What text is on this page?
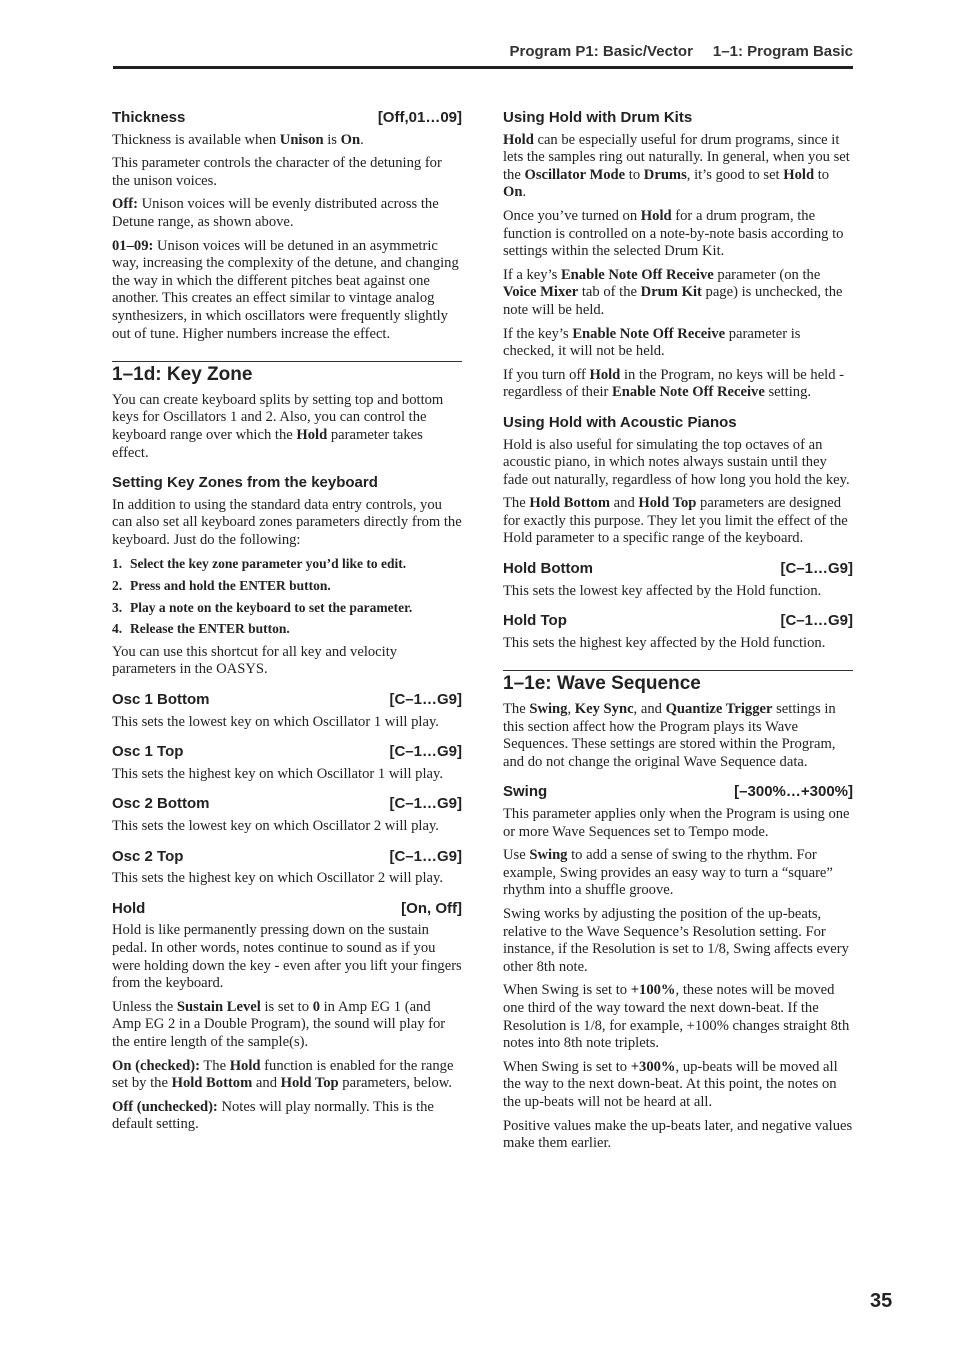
Program P1: Basic/Vector 1–1: Program Basic
Thickness	[Off,01…09]

Thickness is available when Unison is On.

This parameter controls the character of the detuning for the unison voices.

Off: Unison voices will be evenly distributed across the Detune range, as shown above.

01–09: Unison voices will be detuned in an asymmetric way, increasing the complexity of the detune, and changing the way in which the different pitches beat against one another. This creates an effect similar to vintage analog synthesizers, in which oscillators were frequently slightly out of tune. Higher numbers increase the effect.

1–1d: Key Zone

You can create keyboard splits by setting top and bottom keys for Oscillators 1 and 2. Also, you can control the keyboard range over which the Hold parameter takes effect.

Setting Key Zones from the keyboard

In addition to using the standard data entry controls, you can also set all keyboard zones parameters directly from the keyboard. Just do the following:

1. Select the key zone parameter you’d like to edit.
2. Press and hold the ENTER button.
3. Play a note on the keyboard to set the parameter.
4. Release the ENTER button.

You can use this shortcut for all key and velocity parameters in the OASYS.

Osc 1 Bottom	[C–1…G9]

This sets the lowest key on which Oscillator 1 will play.

Osc 1 Top	[C–1…G9]

This sets the highest key on which Oscillator 1 will play.

Osc 2 Bottom	[C–1…G9]

This sets the lowest key on which Oscillator 2 will play.

Osc 2 Top	[C–1…G9]

This sets the highest key on which Oscillator 2 will play.

Hold	[On, Off]

Hold is like permanently pressing down on the sustain pedal. In other words, notes continue to sound as if you were holding down the key - even after you lift your fingers from the keyboard.

Unless the Sustain Level is set to 0 in Amp EG 1 (and Amp EG 2 in a Double Program), the sound will play for the entire length of the sample(s).

On (checked): The Hold function is enabled for the range set by the Hold Bottom and Hold Top parameters, below.

Off (unchecked): Notes will play normally. This is the default setting.

Using Hold with Drum Kits

Hold can be especially useful for drum programs, since it lets the samples ring out naturally. In general, when you set the Oscillator Mode to Drums, it’s good to set Hold to On.

Once you’ve turned on Hold for a drum program, the function is controlled on a note-by-note basis according to settings within the selected Drum Kit.

If a key’s Enable Note Off Receive parameter (on the Voice Mixer tab of the Drum Kit page) is unchecked, the note will be held.

If the key’s Enable Note Off Receive parameter is checked, it will not be held.

If you turn off Hold in the Program, no keys will be held - regardless of their Enable Note Off Receive setting.

Using Hold with Acoustic Pianos

Hold is also useful for simulating the top octaves of an acoustic piano, in which notes always sustain until they fade out naturally, regardless of how long you hold the key.

The Hold Bottom and Hold Top parameters are designed for exactly this purpose. They let you limit the effect of the Hold parameter to a specific range of the keyboard.

Hold Bottom	[C–1…G9]

This sets the lowest key affected by the Hold function.

Hold Top	[C–1…G9]

This sets the highest key affected by the Hold function.

1–1e: Wave Sequence

The Swing, Key Sync, and Quantize Trigger settings in this section affect how the Program plays its Wave Sequences. These settings are stored within the Program, and do not change the original Wave Sequence data.

Swing	[–300%…+300%]

This parameter applies only when the Program is using one or more Wave Sequences set to Tempo mode.

Use Swing to add a sense of swing to the rhythm. For example, Swing provides an easy way to turn a “square” rhythm into a shuffle groove.

Swing works by adjusting the position of the up-beats, relative to the Wave Sequence’s Resolution setting. For instance, if the Resolution is set to 1/8, Swing affects every other 8th note.

When Swing is set to +100%, these notes will be moved one third of the way toward the next down-beat. If the Resolution is 1/8, for example, +100% changes straight 8th notes into 8th note triplets.

When Swing is set to +300%, up-beats will be moved all the way to the next down-beat. At this point, the notes on the up-beats will not be heard at all.

Positive values make the up-beats later, and negative values make them earlier.

35
